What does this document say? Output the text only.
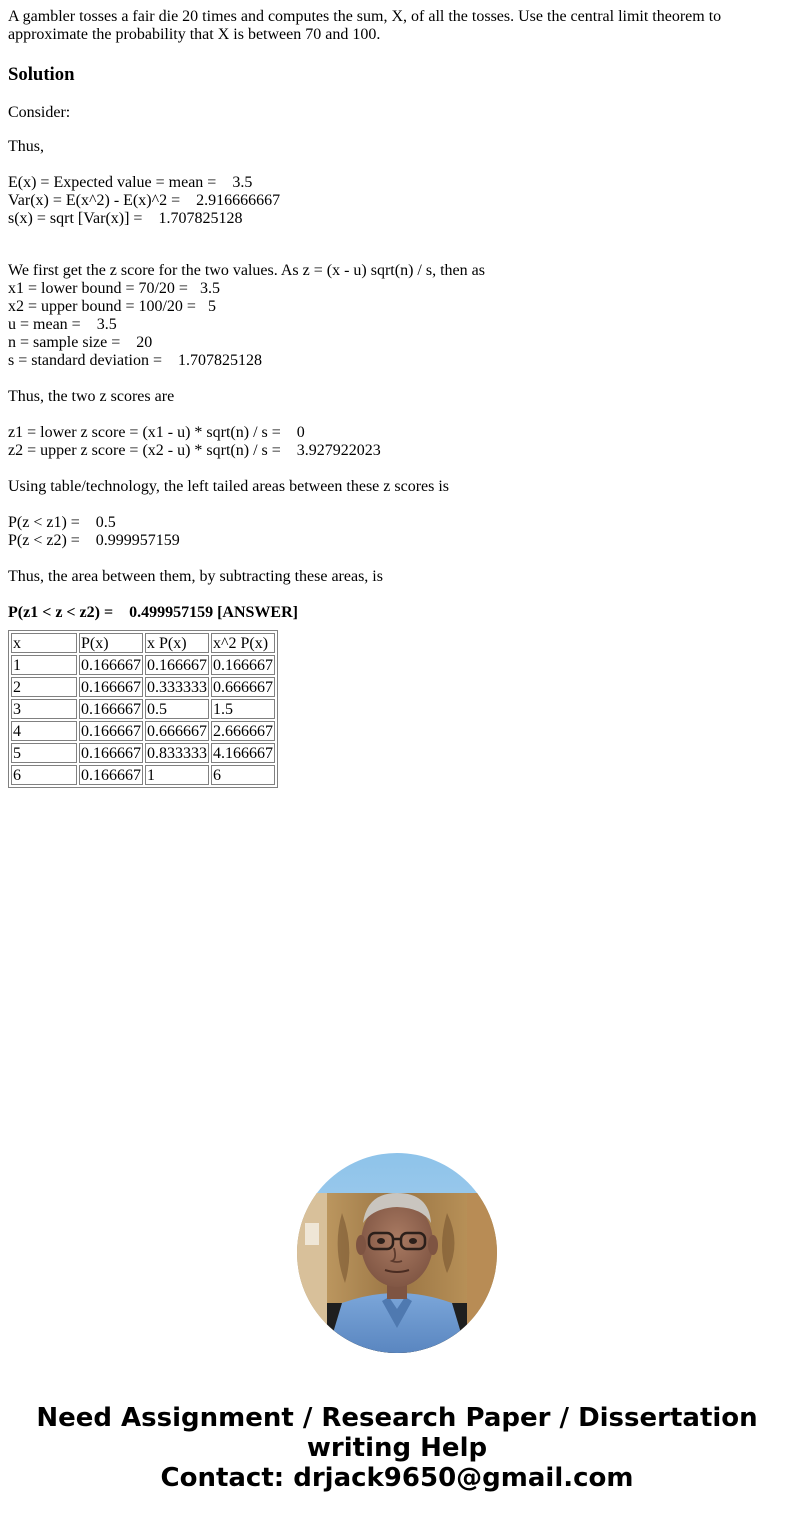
A gambler tosses a fair die 20 times and computes the sum, X, of all the tosses. Use the central limit theorem to approximate the probability that X is between 70 and 100.

Solution

Consider:

Thus,

E(x) = Expected value = mean =    3.5
Var(x) = E(x^2) - E(x)^2 =    2.916666667
s(x) = sqrt [Var(x)] =    1.707825128
We first get the z score for the two values. As z = (x - u) sqrt(n) / s, then as
x1 = lower bound = 70/20 =   3.5
x2 = upper bound = 100/20 =   5
u = mean =    3.5
n = sample size =    20
s = standard deviation =    1.707825128
Thus, the two z scores are
z1 = lower z score = (x1 - u) * sqrt(n) / s =    0
z2 = upper z score = (x2 - u) * sqrt(n) / s =    3.927922023
Using table/technology, the left tailed areas between these z scores is
P(z < z1) =    0.5
P(z < z2) =    0.999957159
Thus, the area between them, by subtracting these areas, is
P(z1 < z < z2) =    0.499957159 [ANSWER]
x	P(x)	x P(x)	x^2 P(x)
1	0.166667	0.166667	0.166667
2	0.166667	0.333333	0.666667
3	0.166667	0.5	1.5
4	0.166667	0.666667	2.666667
5	0.166667	0.833333	4.166667
6	0.166667	1	6
Need Assignment / Research Paper / Dissertation
writing Help
Contact: drjack9650@gmail.com
